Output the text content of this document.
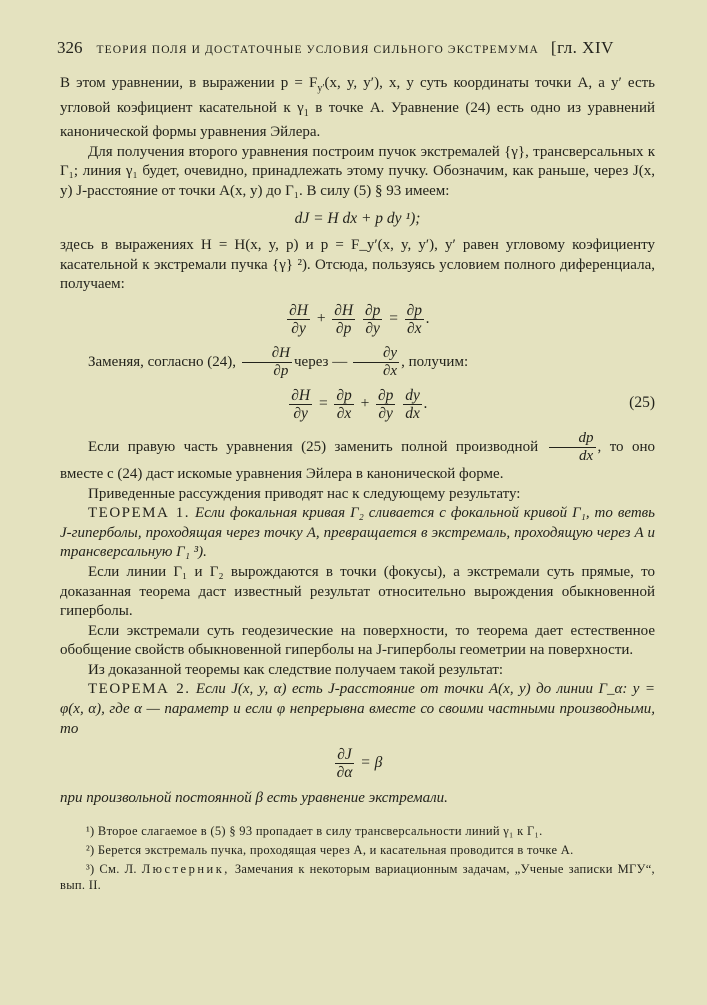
326 ТЕОРИЯ ПОЛЯ И ДОСТАТОЧНЫЕ УСЛОВИЯ СИЛЬНОГО ЭКСТРЕМУМА [гл. XIV

В этом уравнении, в выражении $p = F_{y'}(x$, y, y′), x, y суть координаты точки A, а y′ есть угловой коэфициент касательной к $\gamma_1$ в точке A. Уравнение (24) есть одно из уравнений канонической формы уравнения Эйлера.

Для получения второго уравнения построим пучок экстремалей {γ}, трансверсальных к Γ₁; линия γ₁ будет, очевидно, принадлежать этому пучку. Обозначим, как раньше, через J(x, y) J-расстояние от точки A(x, y) до Γ₁. В силу (5) § 93 имеем:

dJ = H dx + p dy ¹);

здесь в выражениях H = H(x, y, p) и p = F_y′(x, y, y′), y′ равен угловому коэфициенту касательной к экстремали пучка {γ} ²). Отсюда, пользуясь условием полного диференциала, получаем:

$\frac{\partial H}{\partial y} + \frac{\partial H}{\partial p}$
$\frac{\partial p}{\partial y} = \frac{\partial p}{\partial x}$ .

Заменяя, согласно (24), $\frac{\partial H}{\partial p}$ через — $\frac{\partial y}{\partial x}$ , получим:

$\frac{\partial H}{\partial y} = \frac{\partial p}{\partial x} + \frac{\partial p}{\partial y}$
$\frac{dy}{dx}$ .	(25)

Если правую часть уравнения (25) заменить полной производной $\frac{dp}{dx}$ , то оно вместе с (24) даст искомые уравнения Эйлера в канонической форме.

Приведенные рассуждения приводят нас к следующему результату:

ТЕОРЕМА 1. Если фокальная кривая Γ₂ сливается с фокальной кривой Γ₁, то ветвь J-гиперболы, проходящая через точку A, превращается в экстремаль, проходящую через A и трансверсальную Γ₁ ³).

Если линии Γ₁ и Γ₂ вырождаются в точки (фокусы), а экстремали суть прямые, то доказанная теорема даст известный результат относительно вырождения обыкновенной гиперболы.

Если экстремали суть геодезические на поверхности, то теорема дает естественное обобщение свойств обыкновенной гиперболы на J-гиперболы геометрии на поверхности.

Из доказанной теоремы как следствие получаем такой результат:

ТЕОРЕМА 2. Если J(x, y, α) есть J-расстояние от точки A(x, y) до линии Γ_α: y = φ(x, α), где α — параметр и если φ непрерывна вместе со своими частными производными, то

$\frac{\partial J}{\partial\alpha} = \beta$

при произвольной постоянной β есть уравнение экстремали.

¹) Второе слагаемое в (5) § 93 пропадает в силу трансверсальности линий γ₁ к Γ₁.

²) Берется экстремаль пучка, проходящая через A, и касательная проводится в точке A.

³) См. Л. Люстерник, Замечания к некоторым вариационным задачам, „Ученые записки МГУ“, вып. II.
